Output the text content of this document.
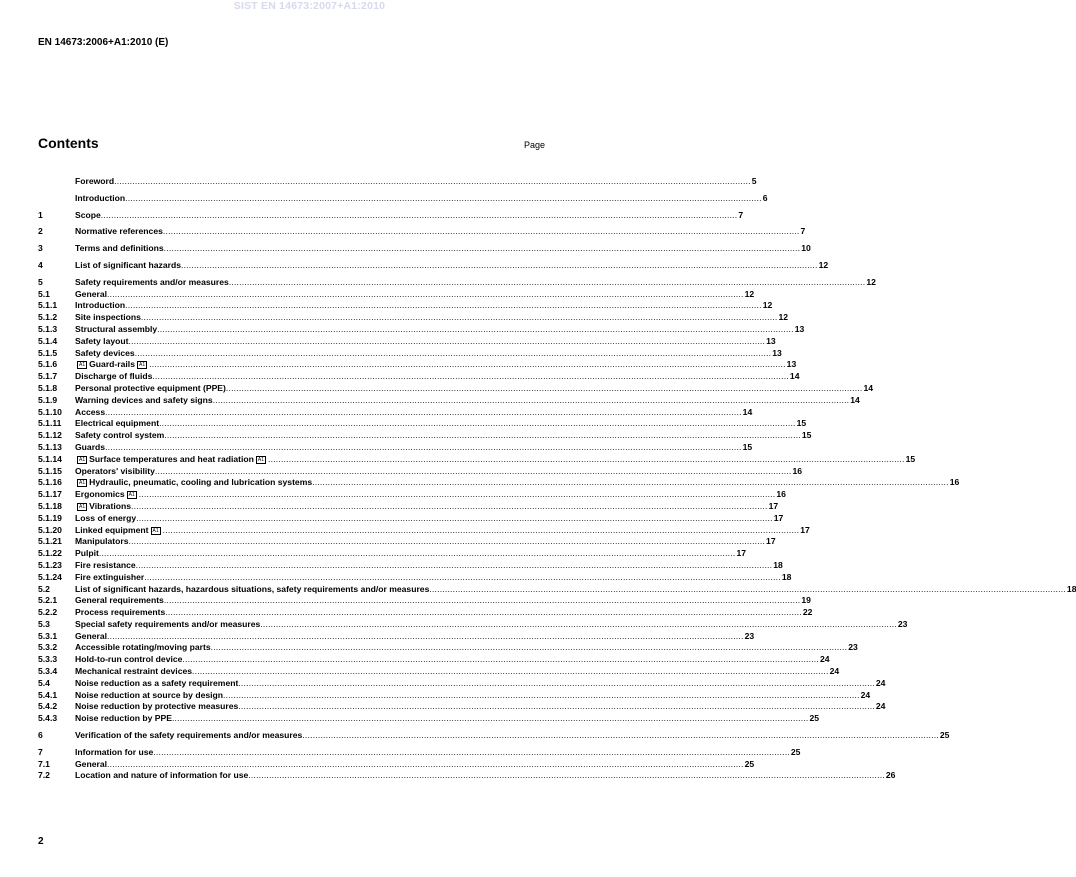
SIST EN 14673:2007+A1:2010
EN 14673:2006+A1:2010 (E)
Contents	Page
Foreword .....	5
Introduction .....	6
1	Scope .....	7
2	Normative references .....	7
3	Terms and definitions .....	10
4	List of significant hazards .....	12
5	Safety requirements and/or measures .....	12
5.1	General .....	12
5.1.1	Introduction .....	12
5.1.2	Site inspections .....	12
5.1.3	Structural assembly .....	13
5.1.4	Safety layout .....	13
5.1.5	Safety devices .....	13
5.1.6	A1 Guard-rails A1 .....	13
5.1.7	Discharge of fluids .....	14
5.1.8	Personal protective equipment (PPE) .....	14
5.1.9	Warning devices and safety signs .....	14
5.1.10	Access .....	14
5.1.11	Electrical equipment .....	15
5.1.12	Safety control system .....	15
5.1.13	Guards .....	15
5.1.14	A1 Surface temperatures and heat radiation A1 .....	15
5.1.15	Operators' visibility .....	16
5.1.16	A1 Hydraulic, pneumatic, cooling and lubrication systems .....	16
5.1.17	Ergonomics A1 .....	16
5.1.18	A1 Vibrations .....	17
5.1.19	Loss of energy .....	17
5.1.20	Linked equipment A1 .....	17
5.1.21	Manipulators .....	17
5.1.22	Pulpit .....	17
5.1.23	Fire resistance .....	18
5.1.24	Fire extinguisher .....	18
5.2	List of significant hazards, hazardous situations, safety requirements and/or measures .....	18
5.2.1	General requirements .....	19
5.2.2	Process requirements .....	22
5.3	Special safety requirements and/or measures .....	23
5.3.1	General .....	23
5.3.2	Accessible rotating/moving parts .....	23
5.3.3	Hold-to-run control device .....	24
5.3.4	Mechanical restraint devices .....	24
5.4	Noise reduction as a safety requirement .....	24
5.4.1	Noise reduction at source by design .....	24
5.4.2	Noise reduction by protective measures .....	24
5.4.3	Noise reduction by PPE .....	25
6	Verification of the safety requirements and/or measures .....	25
7	Information for use .....	25
7.1	General .....	25
7.2	Location and nature of information for use .....	26
2
